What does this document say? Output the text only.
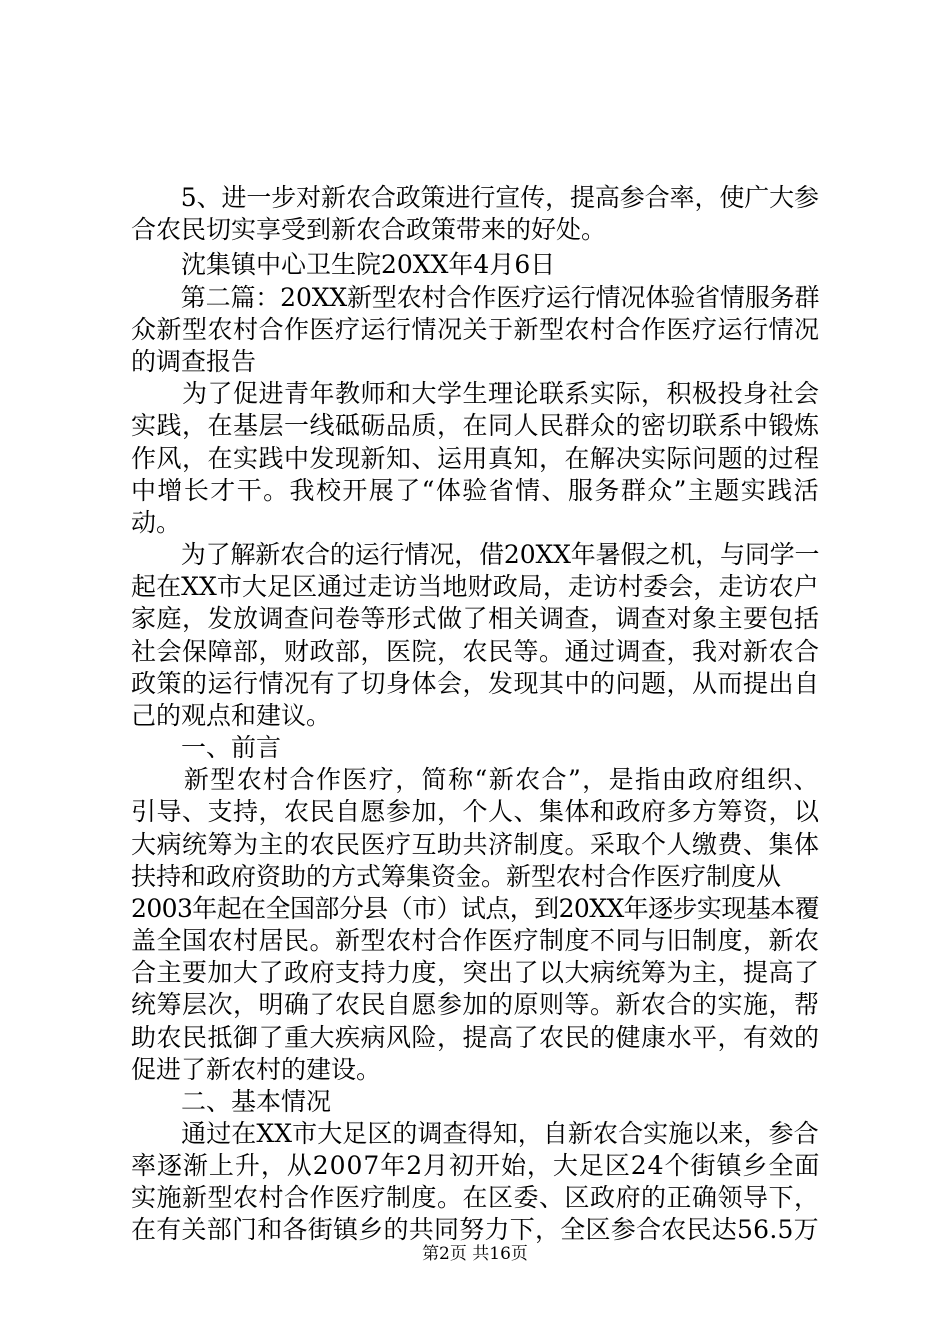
　　5、进一步对新农合政策进行宣传，提高参合率，使广大参
合农民切实享受到新农合政策带来的好处。
　　沈集镇中心卫生院20XX年4月6日
　　第二篇：20XX新型农村合作医疗运行情况体验省情服务群
众新型农村合作医疗运行情况关于新型农村合作医疗运行情况
的调查报告
　　为了促进青年教师和大学生理论联系实际，积极投身社会
实践，在基层一线砥砺品质，在同人民群众的密切联系中锻炼
作风，在实践中发现新知、运用真知，在解决实际问题的过程
中增长才干。我校开展了“体验省情、服务群众”主题实践活
动。
　　为了解新农合的运行情况，借20XX年暑假之机，与同学一
起在XX市大足区通过走访当地财政局，走访村委会，走访农户
家庭，发放调查问卷等形式做了相关调查，调查对象主要包括
社会保障部，财政部，医院，农民等。通过调查，我对新农合
政策的运行情况有了切身体会，发现其中的问题，从而提出自
己的观点和建议。
　　一、前言
　　新型农村合作医疗，简称“新农合”，是指由政府组织、
引导、支持，农民自愿参加，个人、集体和政府多方筹资，以
大病统筹为主的农民医疗互助共济制度。采取个人缴费、集体
扶持和政府资助的方式筹集资金。新型农村合作医疗制度从
2003年起在全国部分县（市）试点，到20XX年逐步实现基本覆
盖全国农村居民。新型农村合作医疗制度不同与旧制度，新农
合主要加大了政府支持力度，突出了以大病统筹为主，提高了
统筹层次，明确了农民自愿参加的原则等。新农合的实施，帮
助农民抵御了重大疾病风险，提高了农民的健康水平，有效的
促进了新农村的建设。
　　二、基本情况
　　通过在XX市大足区的调查得知，自新农合实施以来，参合
率逐渐上升，从2007年2月初开始，大足区24个街镇乡全面
实施新型农村合作医疗制度。在区委、区政府的正确领导下，
在有关部门和各街镇乡的共同努力下，全区参合农民达56.5万
第2页 共16页
